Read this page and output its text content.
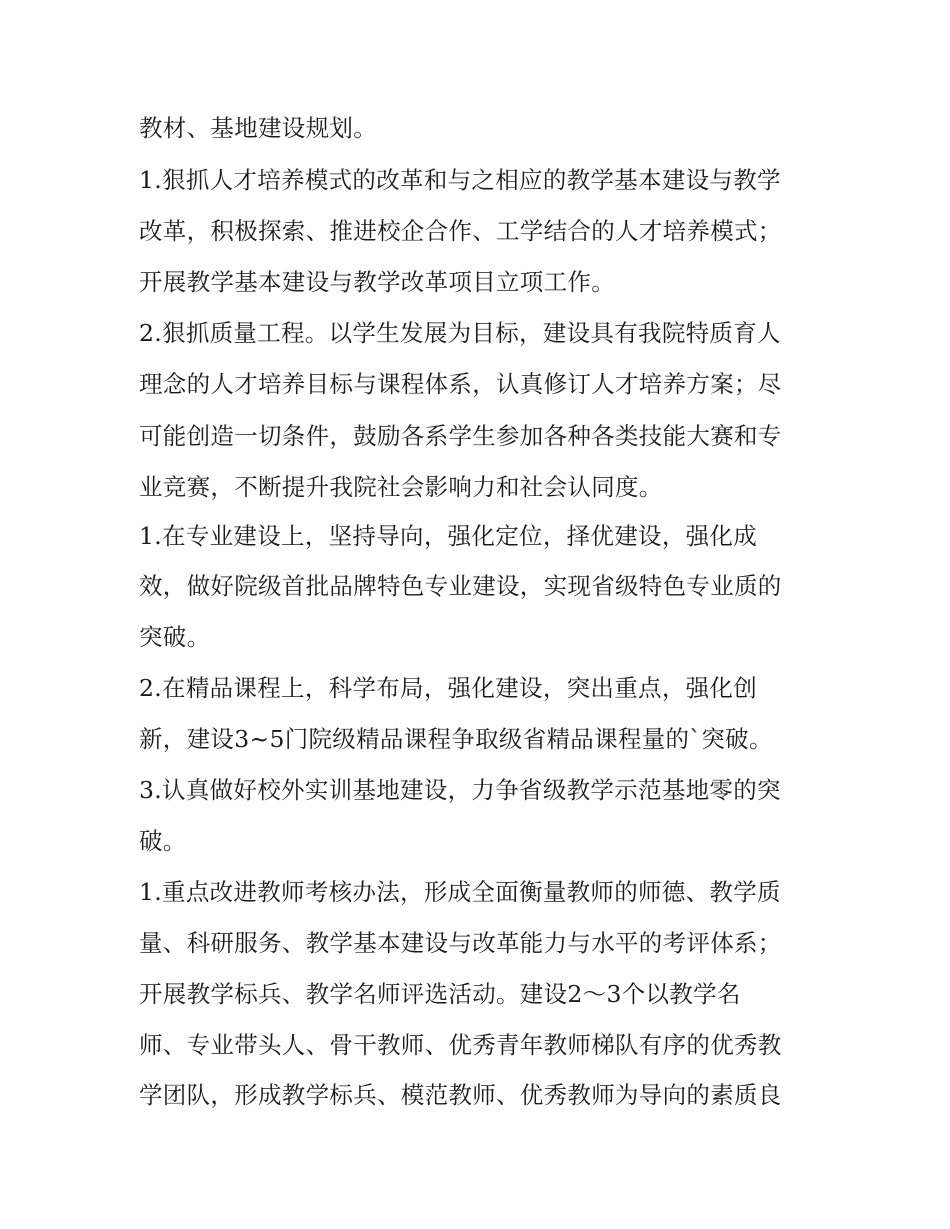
教材、基地建设规划。
1.狠抓人才培养模式的改革和与之相应的教学基本建设与教学
改革，积极探索、推进校企合作、工学结合的人才培养模式；
开展教学基本建设与教学改革项目立项工作。
2.狠抓质量工程。以学生发展为目标，建设具有我院特质育人
理念的人才培养目标与课程体系，认真修订人才培养方案；尽
可能创造一切条件，鼓励各系学生参加各种各类技能大赛和专
业竞赛，不断提升我院社会影响力和社会认同度。
1.在专业建设上，坚持导向，强化定位，择优建设，强化成
效，做好院级首批品牌特色专业建设，实现省级特色专业质的
突破。
2.在精品课程上，科学布局，强化建设，突出重点，强化创
新，建设3~5门院级精品课程争取级省精品课程量的`突破。
3.认真做好校外实训基地建设，力争省级教学示范基地零的突
破。
1.重点改进教师考核办法，形成全面衡量教师的师德、教学质
量、科研服务、教学基本建设与改革能力与水平的考评体系；
开展教学标兵、教学名师评选活动。建设2～3个以教学名
师、专业带头人、骨干教师、优秀青年教师梯队有序的优秀教
学团队，形成教学标兵、模范教师、优秀教师为导向的素质良
